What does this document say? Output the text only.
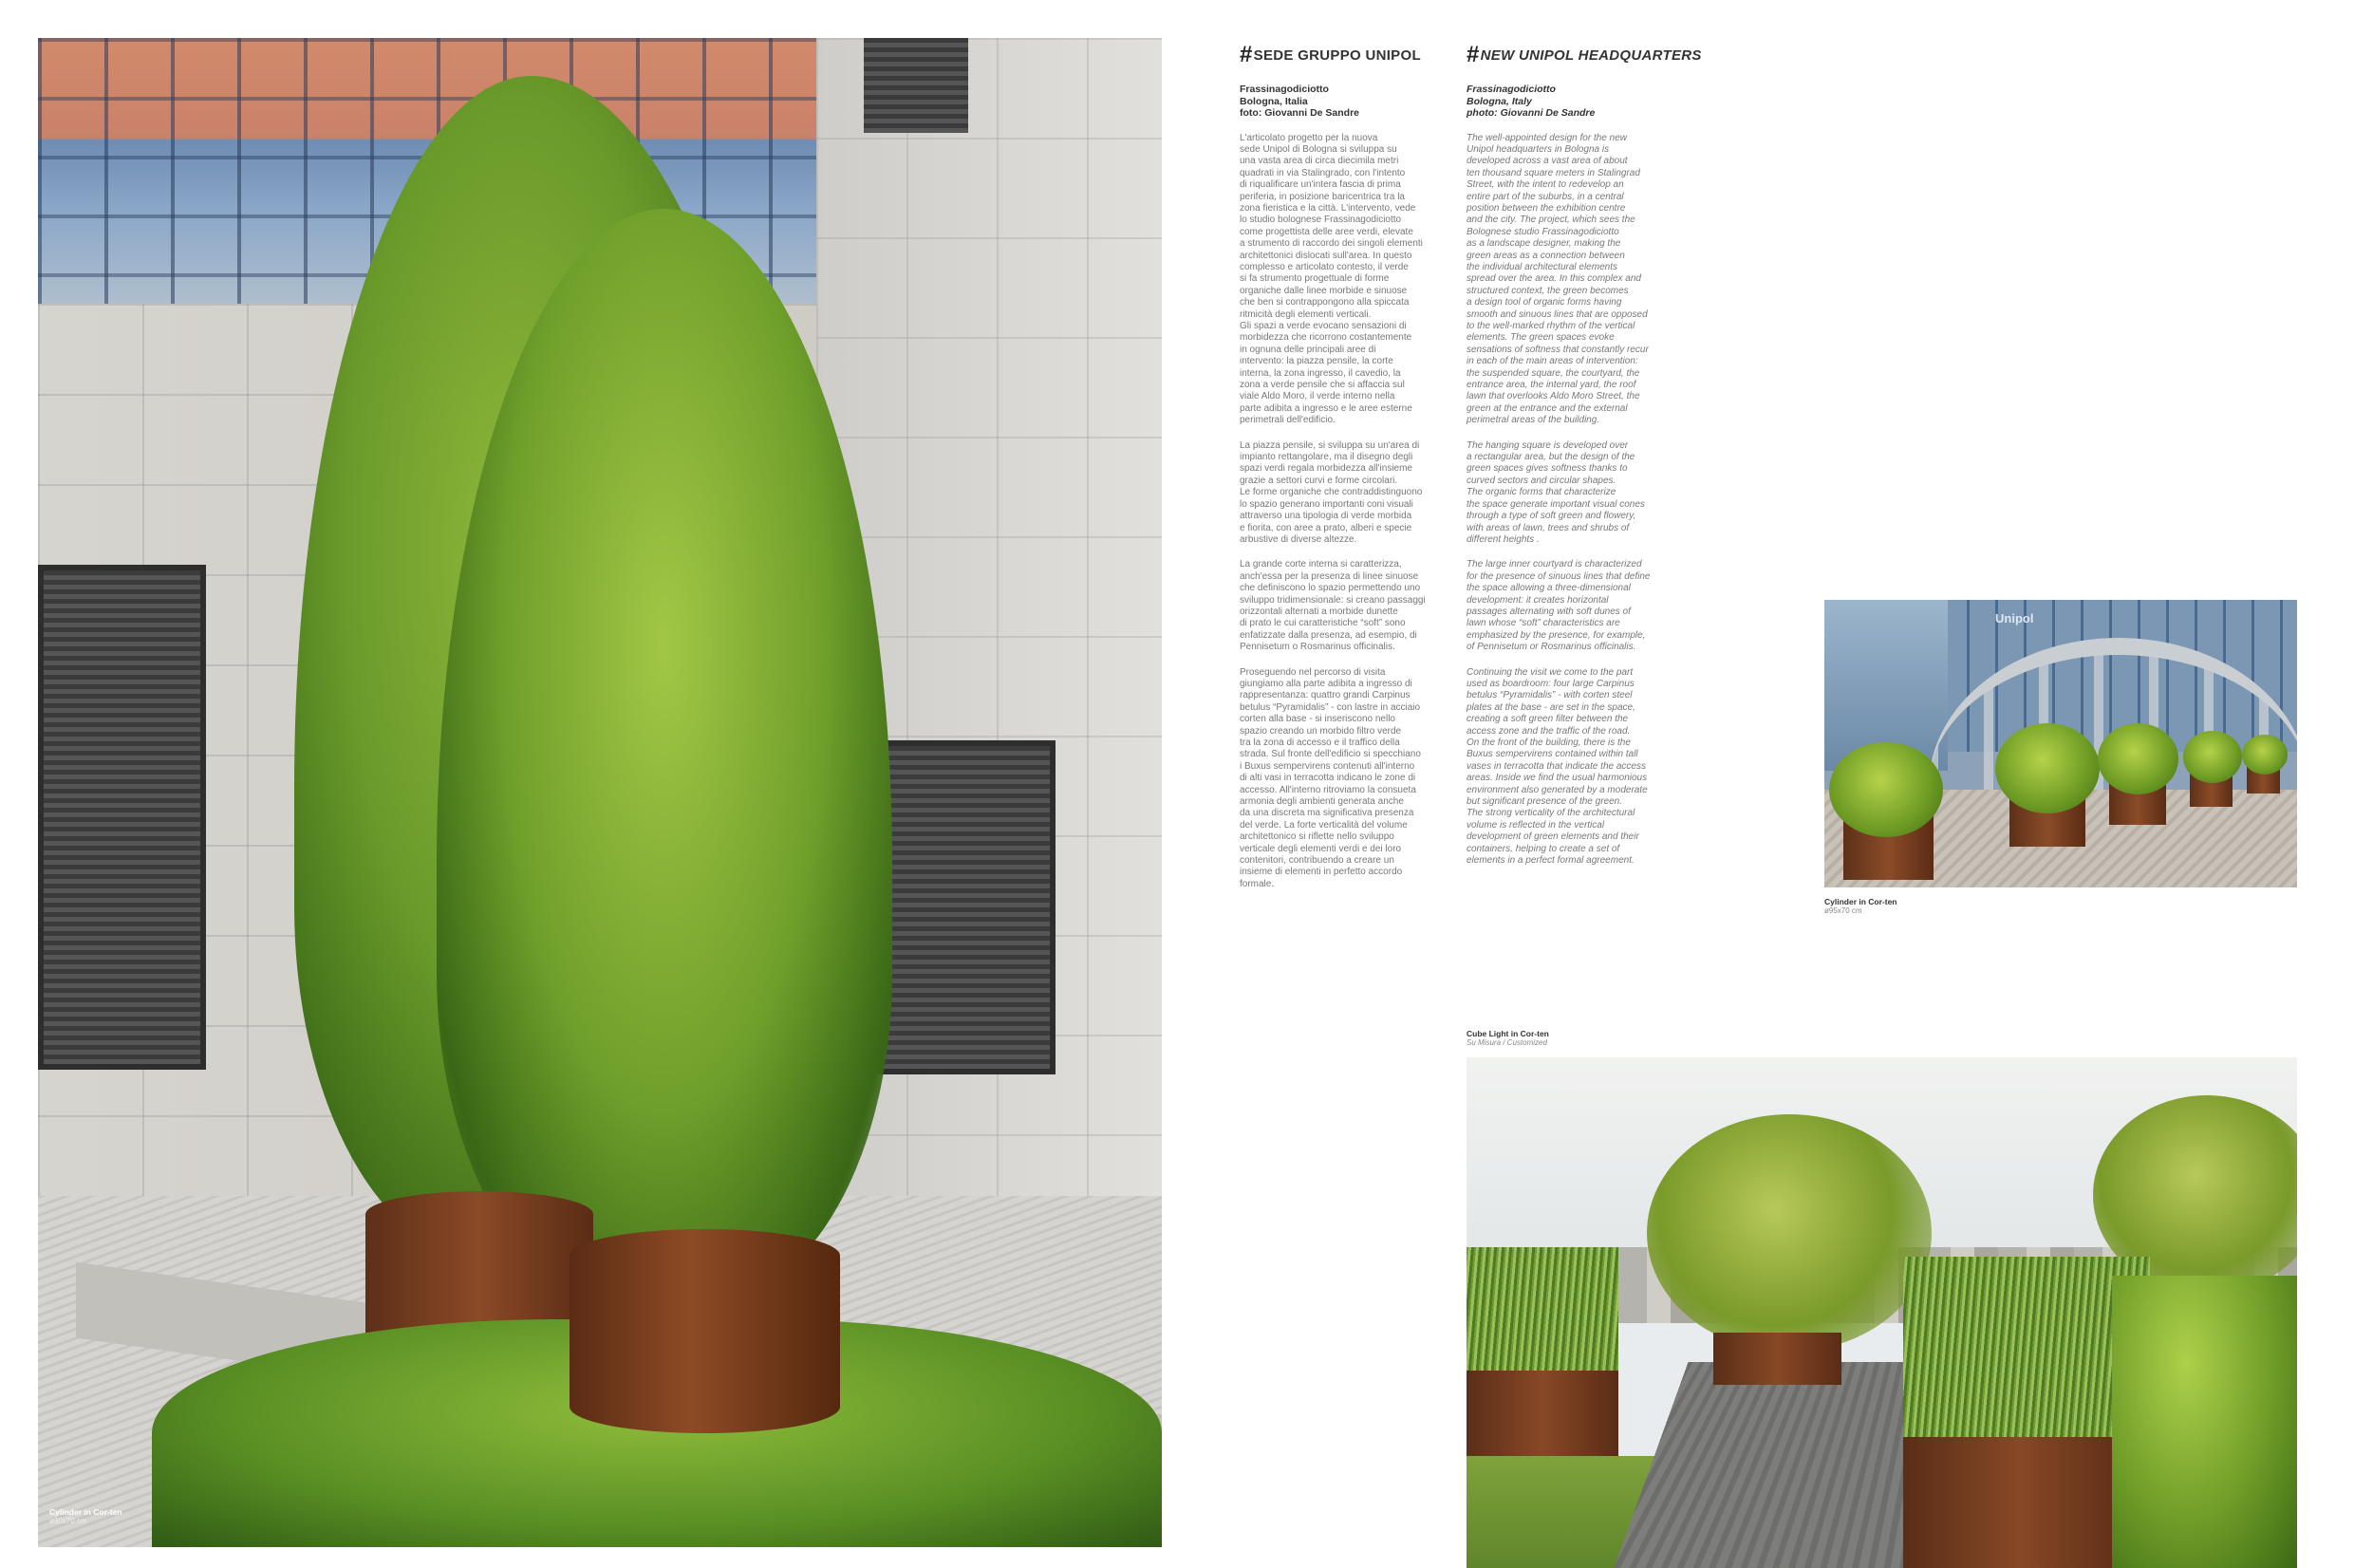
Cylinder in Cor-ten
ø90x70 cm
#SEDE GRUPPO UNIPOL
Frassinagodiciotto
Bologna, Italia
foto: Giovanni De Sandre

L'articolato progetto per la nuova
sede Unipol di Bologna si sviluppa su
una vasta area di circa diecimila metri
quadrati in via Stalingrado, con l'intento
di riqualificare un'intera fascia di prima
periferia, in posizione baricentrica tra la
zona fieristica e la città. L'intervento, vede
lo studio bolognese Frassinagodiciotto
come progettista delle aree verdi, elevate
a strumento di raccordo dei singoli elementi
architettonici dislocati sull'area. In questo
complesso e articolato contesto, il verde
si fa strumento progettuale di forme
organiche dalle linee morbide e sinuose
che ben si contrappongono alla spiccata
ritmicità degli elementi verticali.
Gli spazi a verde evocano sensazioni di
morbidezza che ricorrono costantemente
in ognuna delle principali aree di
intervento: la piazza pensile, la corte
interna, la zona ingresso, il cavedio, la
zona a verde pensile che si affaccia sul
viale Aldo Moro, il verde interno nella
parte adibita a ingresso e le aree esterne
perimetrali dell'edificio.

La piazza pensile, si sviluppa su un'area di
impianto rettangolare, ma il disegno degli
spazi verdi regala morbidezza all'insieme
grazie a settori curvi e forme circolari.
Le forme organiche che contraddistinguono
lo spazio generano importanti coni visuali
attraverso una tipologia di verde morbida
e fiorita, con aree a prato, alberi e specie
arbustive di diverse altezze.

La grande corte interna si caratterizza,
anch'essa per la presenza di linee sinuose
che definiscono lo spazio permettendo uno
sviluppo tridimensionale: si creano passaggi
orizzontali alternati a morbide dunette
di prato le cui caratteristiche “soft” sono
enfatizzate dalla presenza, ad esempio, di
Pennisetum o Rosmarinus officinalis.

Proseguendo nel percorso di visita
giungiamo alla parte adibita a ingresso di
rappresentanza: quattro grandi Carpinus
betulus “Pyramidalis” - con lastre in acciaio
corten alla base - si inseriscono nello
spazio creando un morbido filtro verde
tra la zona di accesso e il traffico della
strada. Sul fronte dell'edificio si specchiano
i Buxus sempervirens contenuti all'interno
di alti vasi in terracotta indicano le zone di
accesso. All'interno ritroviamo la consueta
armonia degli ambienti generata anche
da una discreta ma significativa presenza
del verde. La forte verticalità del volume
architettonico si riflette nello sviluppo
verticale degli elementi verdi e dei loro
contenitori, contribuendo a creare un
insieme di elementi in perfetto accordo
formale.

#NEW UNIPOL HEADQUARTERS
Frassinagodiciotto
Bologna, Italy
photo: Giovanni De Sandre

The well-appointed design for the new
Unipol headquarters in Bologna is
developed across a vast area of about
ten thousand square meters in Stalingrad
Street, with the intent to redevelop an
entire part of the suburbs, in a central
position between the exhibition centre
and the city. The project, which sees the
Bolognese studio Frassinagodiciotto
as a landscape designer, making the
green areas as a connection between
the individual architectural elements
spread over the area. In this complex and
structured context, the green becomes
a design tool of organic forms having
smooth and sinuous lines that are opposed
to the well-marked rhythm of the vertical
elements. The green spaces evoke
sensations of softness that constantly recur
in each of the main areas of intervention:
the suspended square, the courtyard, the
entrance area, the internal yard, the roof
lawn that overlooks Aldo Moro Street, the
green at the entrance and the external
perimetral areas of the building.

The hanging square is developed over
a rectangular area, but the design of the
green spaces gives softness thanks to
curved sectors and circular shapes.
The organic forms that characterize
the space generate important visual cones
through a type of soft green and flowery,
with areas of lawn, trees and shrubs of
different heights .

The large inner courtyard is characterized
for the presence of sinuous lines that define
the space allowing a three-dimensional
development: it creates horizontal
passages alternating with soft dunes of
lawn whose “soft” characteristics are
emphasized by the presence, for example,
of Pennisetum or Rosmarinus officinalis.

Continuing the visit we come to the part
used as boardroom: four large Carpinus
betulus “Pyramidalis” - with corten steel
plates at the base - are set in the space,
creating a soft green filter between the
access zone and the traffic of the road.
On the front of the building, there is the
Buxus sempervirens contained within tall
vases in terracotta that indicate the access
areas. Inside we find the usual harmonious
environment also generated by a moderate
but significant presence of the green.
The strong verticality of the architectural
volume is reflected in the vertical
development of green elements and their
containers, helping to create a set of
elements in a perfect formal agreement.

Unipol
Cylinder in Cor-ten
ø95x70 cm
Cube Light in Cor-ten
Su Misura / Customized
